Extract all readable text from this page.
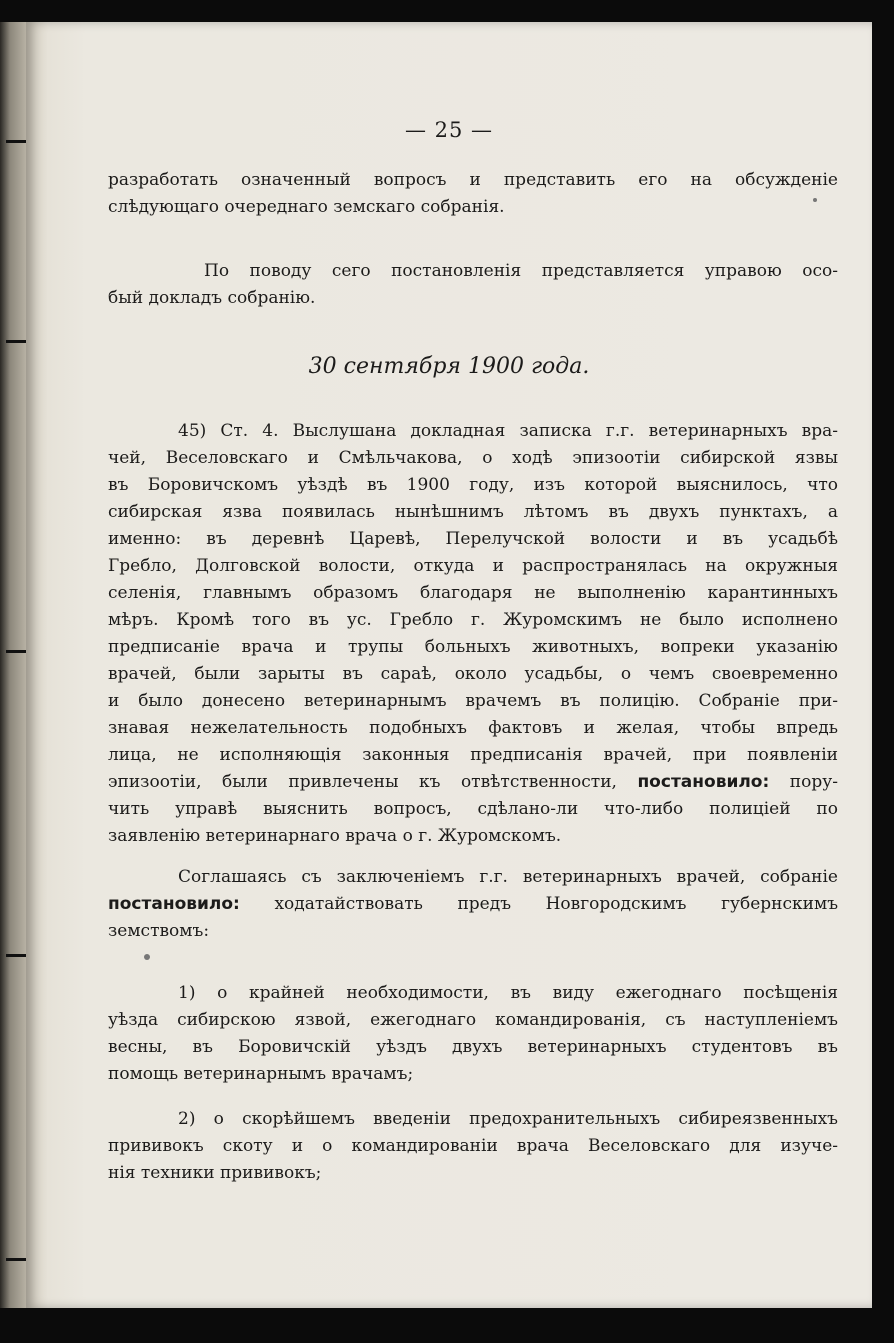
— 25 —
разработать означенный вопросъ и представить его на обсужденіе
слѣдующаго очереднаго земскаго собранія.
По поводу сего постановленія представляется управою осо-
бый докладъ собранію.
30 сентября 1900 года.
45) Ст. 4. Выслушана докладная записка г.г. ветеринарныхъ вра-
чей, Веселовскаго и Смѣльчакова, о ходѣ эпизоотіи сибирской язвы
въ Боровичскомъ уѣздѣ въ 1900 году, изъ которой выяснилось, что
сибирская язва появилась нынѣшнимъ лѣтомъ въ двухъ пунктахъ, а
именно: въ деревнѣ Царевѣ, Перелучской волости и въ усадьбѣ
Гребло, Долговской волости, откуда и распространялась на окружныя
селенія, главнымъ образомъ благодаря не выполненію карантинныхъ
мѣръ. Кромѣ того въ ус. Гребло г. Журомскимъ не было исполнено
предписаніе врача и трупы больныхъ животныхъ, вопреки указанію
врачей, были зарыты въ сараѣ, около усадьбы, о чемъ своевременно
и было донесено ветеринарнымъ врачемъ въ полицію. Собраніе при-
знавая нежелательность подобныхъ фактовъ и желая, чтобы впредь
лица, не исполняющія законныя предписанія врачей, при появленіи
эпизоотіи, были привлечены къ отвѣтственности, постановило: пору-
чить управѣ выяснить вопросъ, сдѣлано-ли что-либо полиціей по
заявленію ветеринарнаго врача о г. Журомскомъ.
Соглашаясь съ заключеніемъ г.г. ветеринарныхъ врачей, собраніе
постановило: ходатайствовать предъ Новгородскимъ губернскимъ
земствомъ:
1) о крайней необходимости, въ виду ежегоднаго посѣщенія
уѣзда сибирскою язвой, ежегоднаго командированія, съ наступленіемъ
весны, въ Боровичскій уѣздъ двухъ ветеринарныхъ студентовъ въ
помощь ветеринарнымъ врачамъ;
2) о скорѣйшемъ введеніи предохранительныхъ сибиреязвенныхъ
прививокъ скоту и о командированіи врача Веселовскаго для изуче-
нія техники прививокъ;
